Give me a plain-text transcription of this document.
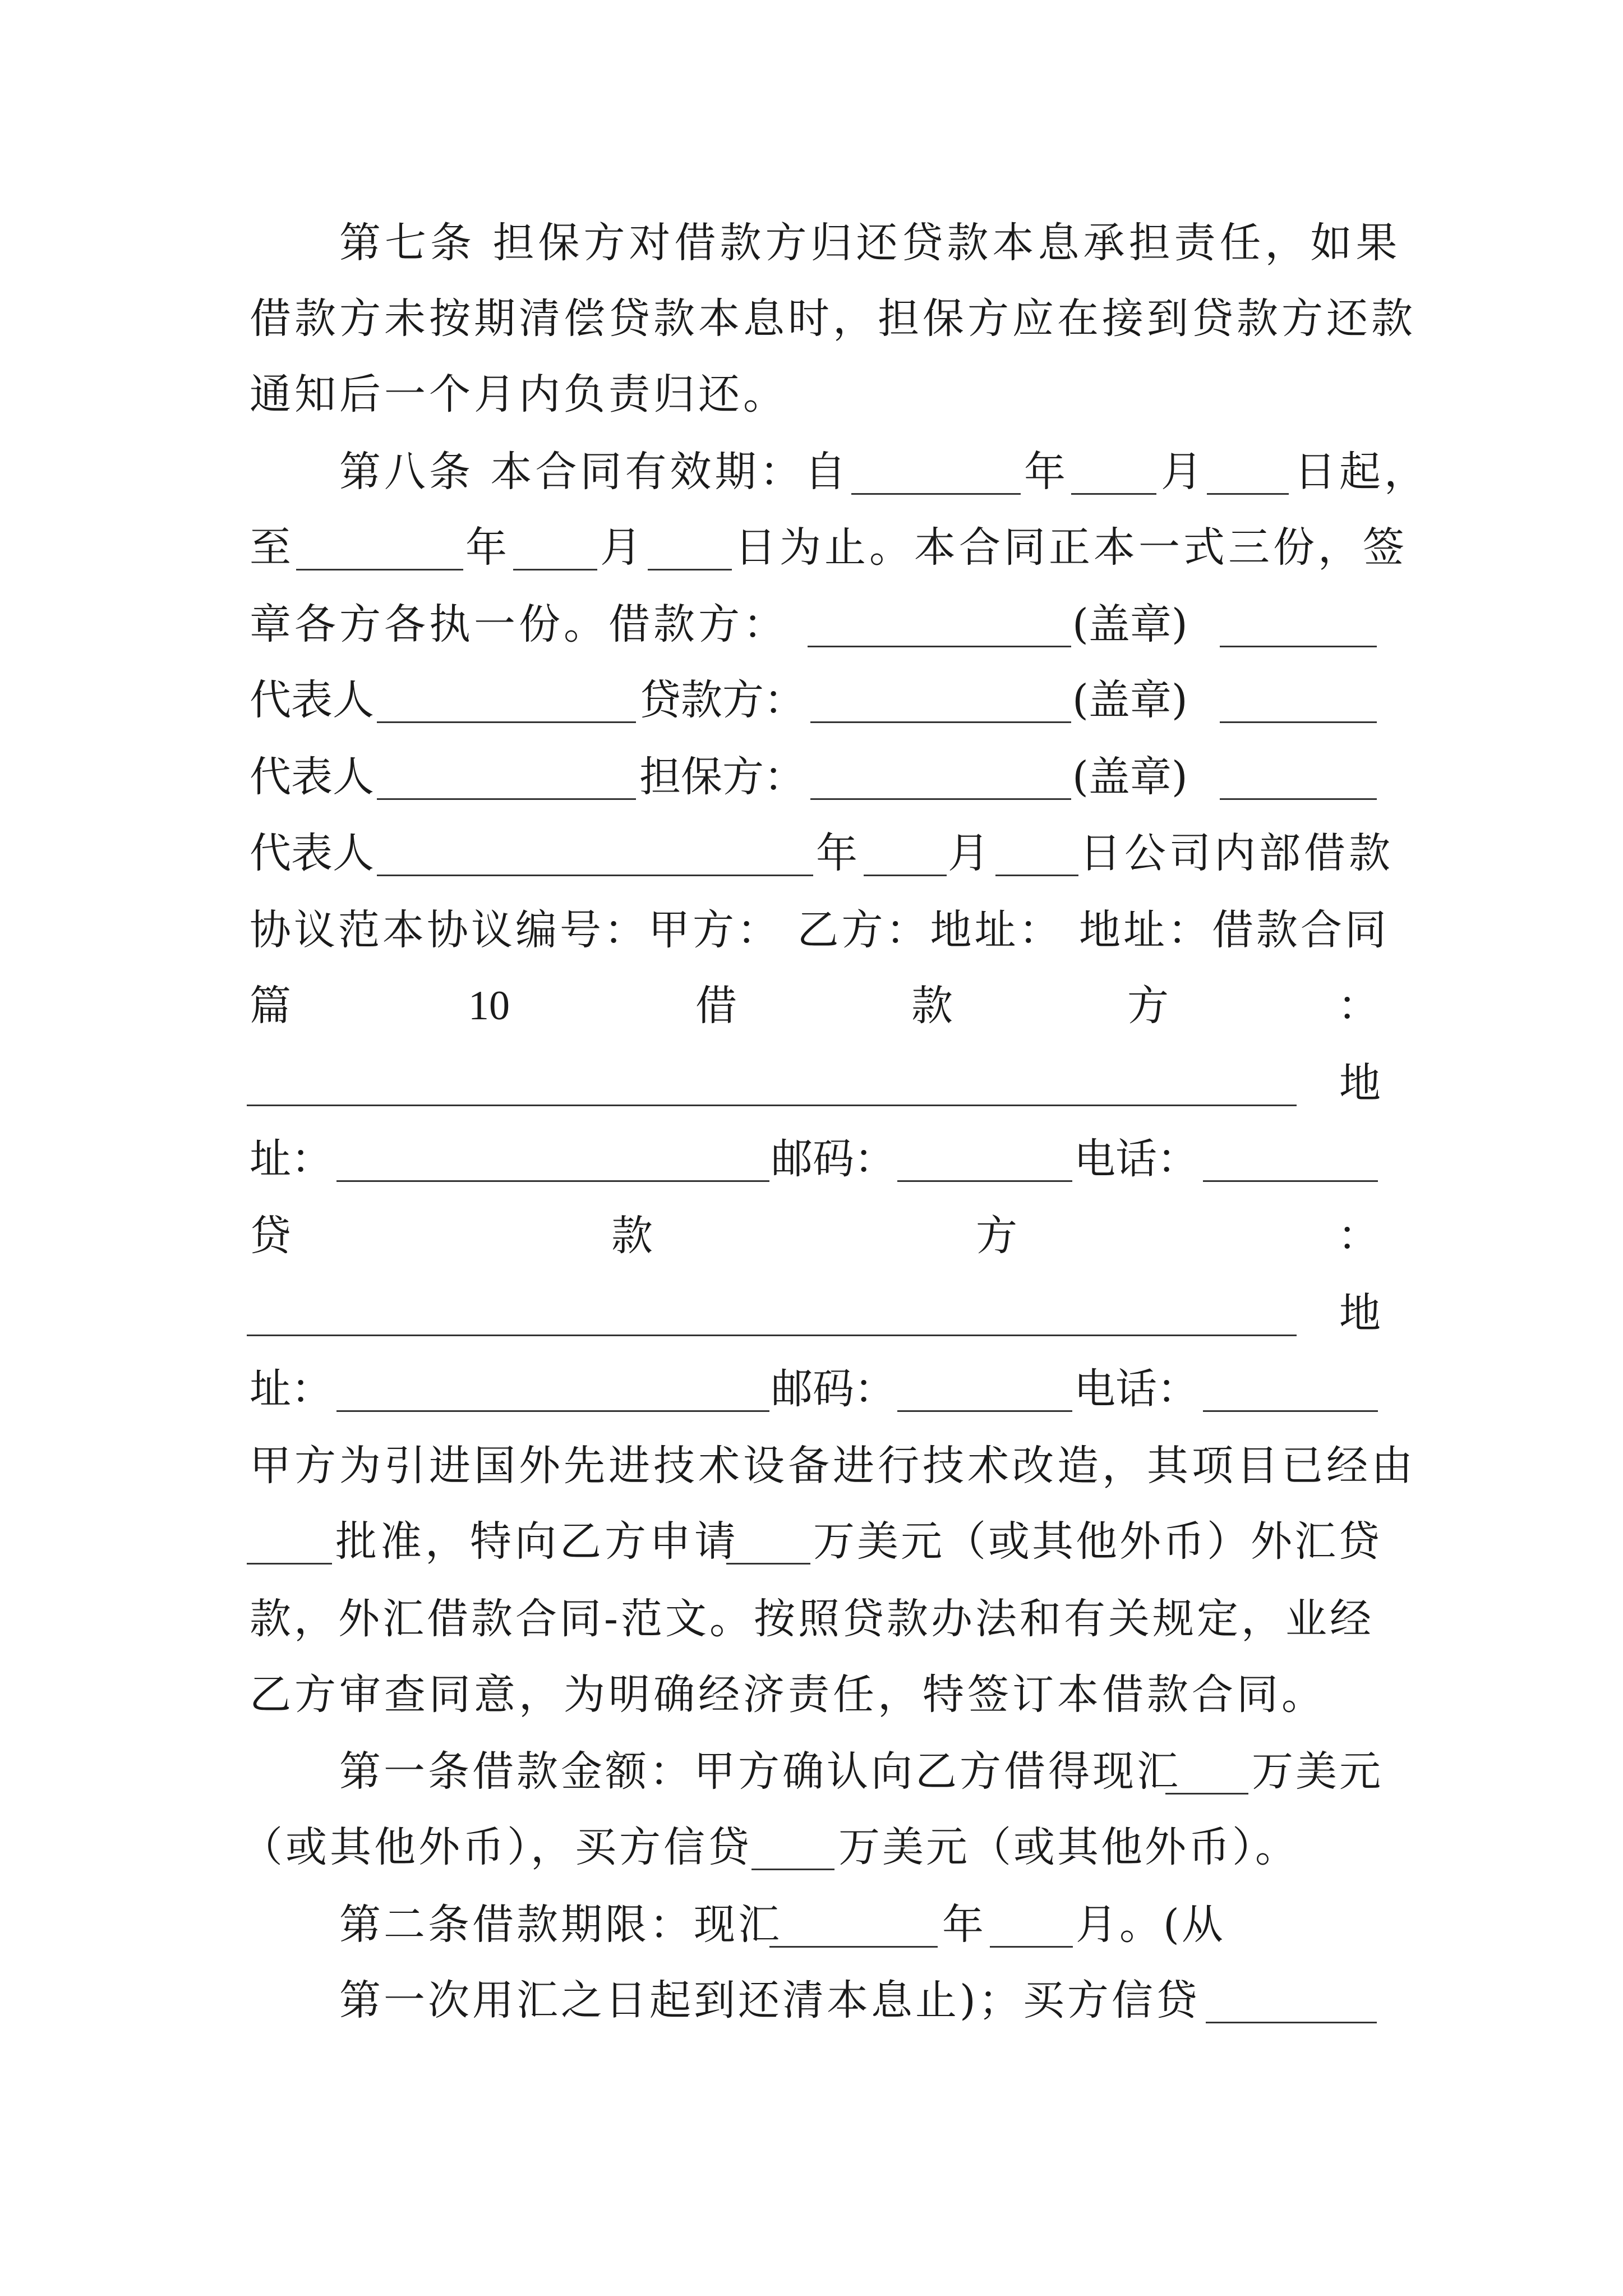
第七条 担保方对借款方归还贷款本息承担责任，如果
借款方未按期清偿贷款本息时，担保方应在接到贷款方还款
通知后一个月内负责归还。
第八条 本合同有效期：自	年 月 日起，
至	年 月 日为止。本合同正本一式三份，签
章各方各执一份。借款方：	(盖章)
代表人	贷款方：	(盖章)
代表人	担保方：	(盖章)
代表人	年 月 日公司内部借款
协议范本协议编号：甲方： 乙方：地址： 地址：借款合同
篇	10	借	款	方	：
地
址：	邮码：	电话：
贷	款	方	：
地
址：	邮码：	电话：
甲方为引进国外先进技术设备进行技术改造，其项目已经由
批准，特向乙方申请 万美元（或其他外币）外汇贷
款，外汇借款合同-范文。按照贷款办法和有关规定，业经
乙方审查同意，为明确经济责任，特签订本借款合同。
第一条借款金额：甲方确认向乙方借得现汇 万美元
（或其他外币），买方信贷 万美元（或其他外币）。
第二条借款期限：现汇	年 月。(从
第一次用汇之日起到还清本息止)；买方信贷
